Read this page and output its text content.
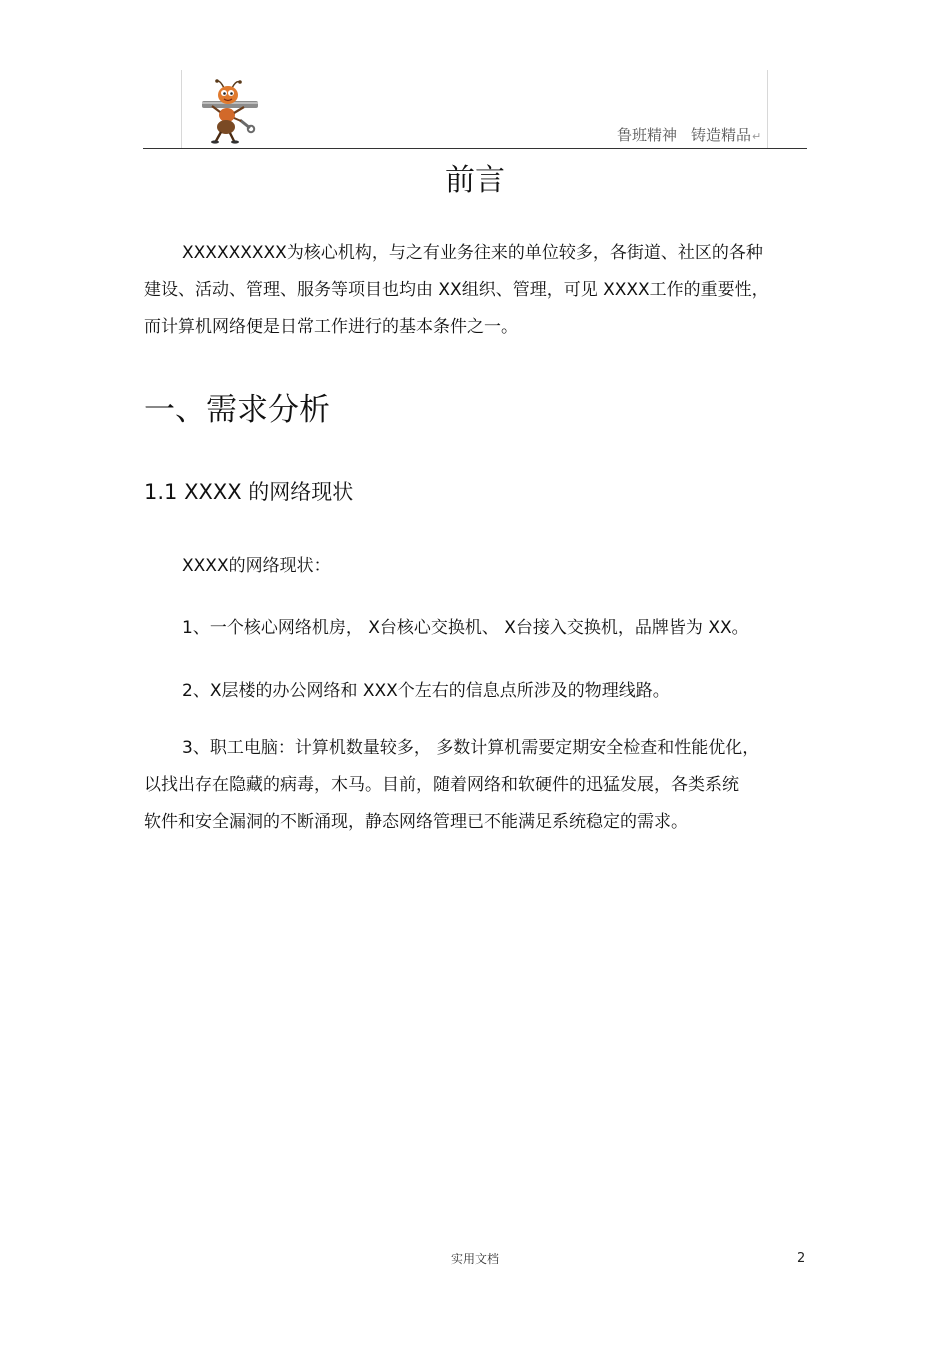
鲁班精神 铸造精品↵
前言
XXXXXXXXX为核心机构，与之有业务往来的单位较多，各街道、社区的各种
建设、活动、管理、服务等项目也均由 XX组织、管理，可见 XXXX工作的重要性，
而计算机网络便是日常工作进行的基本条件之一。
一、需求分析
1.1 XXXX 的网络现状
XXXX的网络现状：
1、一个核心网络机房， X台核心交换机、 X台接入交换机，品牌皆为 XX。
2、X层楼的办公网络和 XXX个左右的信息点所涉及的物理线路。
3、职工电脑：计算机数量较多， 多数计算机需要定期安全检查和性能优化，
以找出存在隐藏的病毒，木马。目前，随着网络和软硬件的迅猛发展，各类系统
软件和安全漏洞的不断涌现，静态网络管理已不能满足系统稳定的需求。
实用文档	2
